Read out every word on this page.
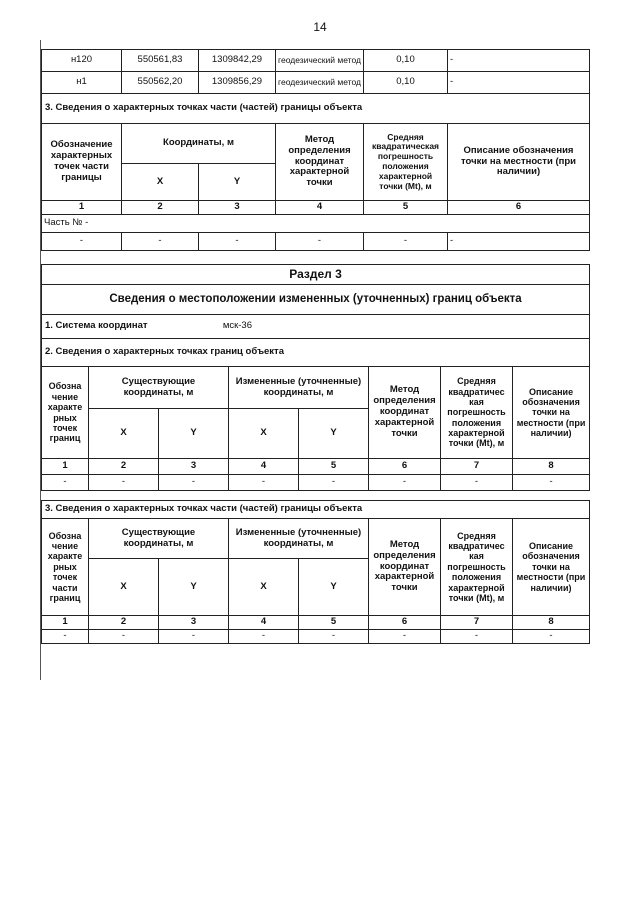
14
н120	550561,83	1309842,29	геодезический метод	0,10	-
н1	550562,20	1309856,29	геодезический метод	0,10	-
3. Сведения о характерных точках части (частей) границы объекта					
Обозначение характерных точек части границы	Координаты, м		Метод определения координат характерной точки	Средняя квадратическая погрешность положения характерной точки (Mt), м	Описание обозначения точки на местности (при наличии)
	X	Y			
1	2	3	4	5	6
Часть № -					
-	-	-	-	-	-
Раздел 3
Сведения о местоположении измененных (уточненных) границ объекта
1. Система координат	мск-36
2. Сведения о характерных точках границ объекта							
Обозна чение характе рных точек границ	Существующие координаты, м		Измененные (уточненные) координаты, м		Метод определения координат характерной точки	Средняя квадратичес кая погрешность положения характерной точки (Mt), м	Описание обозначения точки на местности (при наличии)
	X	Y	X	Y			
1	2	3	4	5	6	7	8
-	-	-	-	-	-	-	-
3. Сведения о характерных точках части (частей) границы объекта							
Обозна чение характе рных точек части границ	Существующие координаты, м		Измененные (уточненные) координаты, м		Метод определения координат характерной точки	Средняя квадратичес кая погрешность положения характерной точки (Mt), м	Описание обозначения точки на местности (при наличии)
	X	Y	X	Y			
1	2	3	4	5	6	7	8
-	-	-	-	-	-	-	-
